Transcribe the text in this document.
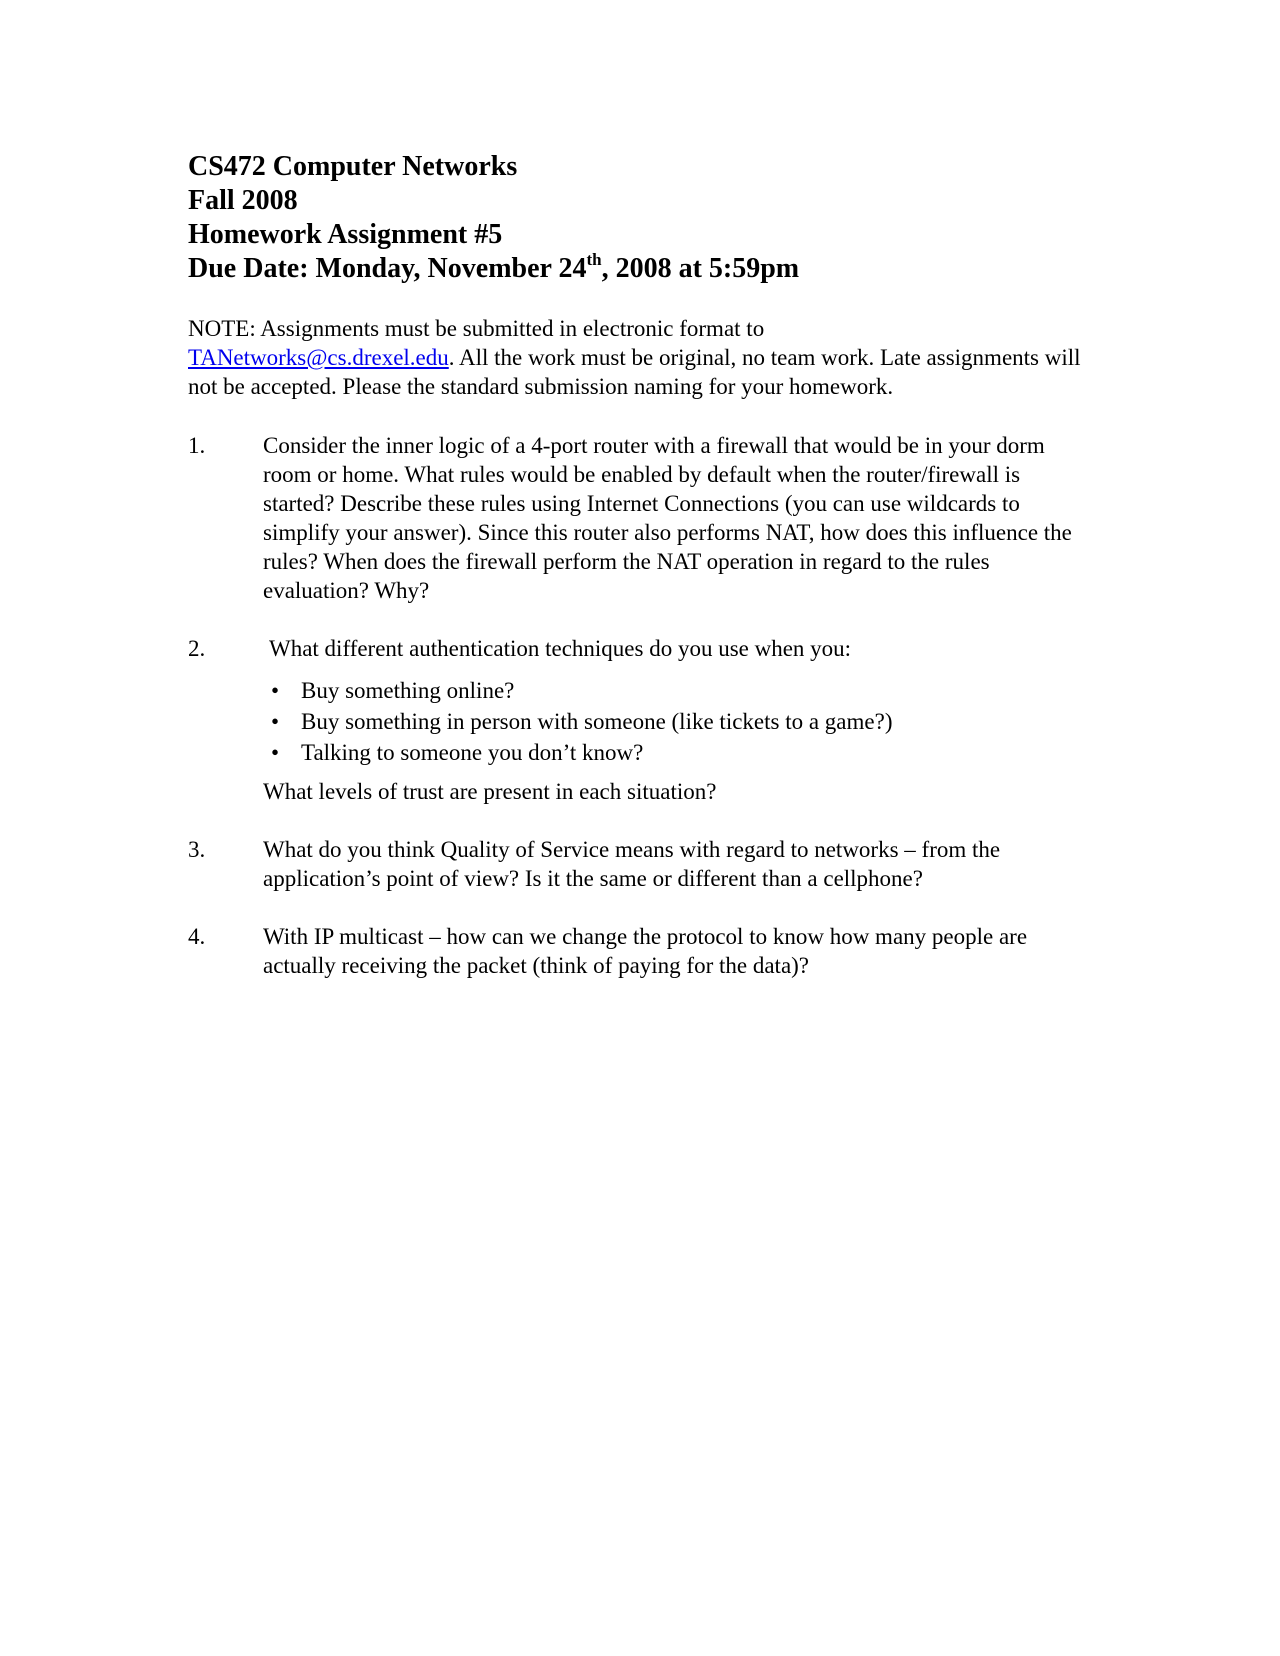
CS472 Computer Networks

Fall 2008

Homework Assignment #5

Due Date: Monday, November 24th, 2008 at 5:59pm

NOTE: Assignments must be submitted in electronic format to
TANetworks@cs.drexel.edu. All the work must be original, no team work. Late assignments will not be accepted. Please the standard submission naming for your homework.

1.	Consider the inner logic of a 4-port router with a firewall that would be in your dorm room or home. What rules would be enabled by default when the router/firewall is started? Describe these rules using Internet Connections (you can use wildcards to simplify your answer). Since this router also performs NAT, how does this influence the rules? When does the firewall perform the NAT operation in regard to the rules evaluation? Why?
2.	What different authentication techniques do you use when you:
• Buy something online?
• Buy something in person with someone (like tickets to a game?)
• Talking to someone you don’t know?
What levels of trust are present in each situation?
3.	What do you think Quality of Service means with regard to networks – from the application’s point of view? Is it the same or different than a cellphone?
4.	With IP multicast – how can we change the protocol to know how many people are actually receiving the packet (think of paying for the data)?
